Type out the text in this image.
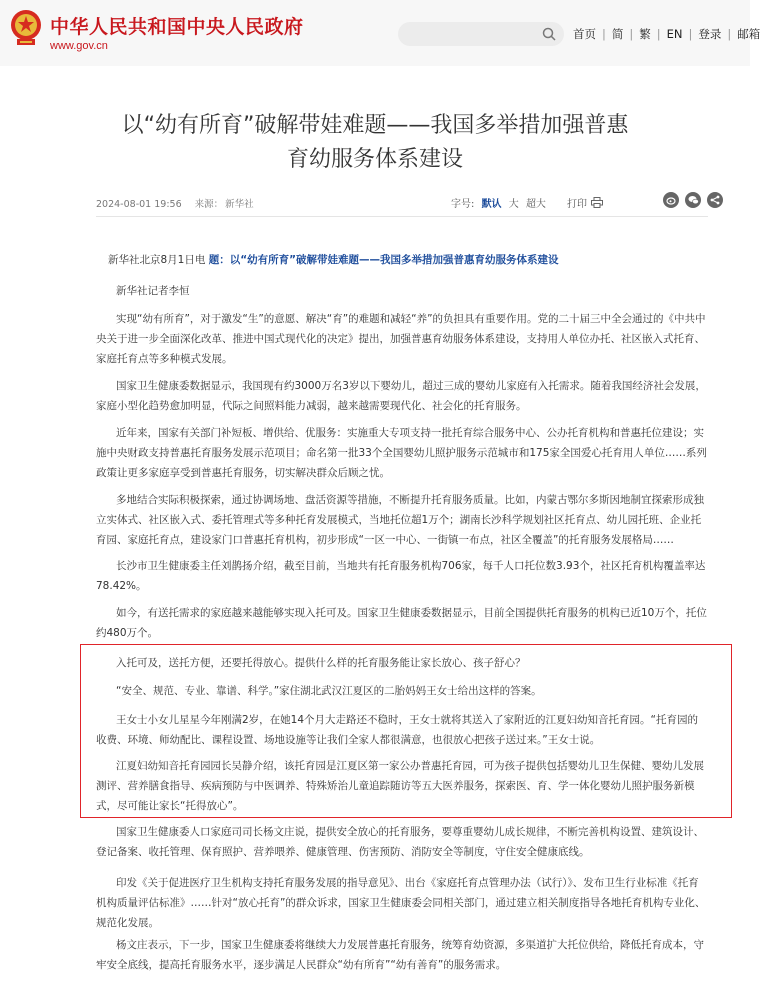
中华人民共和国中央人民政府
www.gov.cn
首页 | 简 | 繁 | EN | 登录 | 邮箱
以“幼有所育”破解带娃难题——我国多举措加强普惠
育幼服务体系建设
2024-08-01 19:56 来源： 新华社	字号: 默认 大 超大 打印

新华社北京8月1日电 题：以“幼有所育”破解带娃难题——我国多举措加强普惠育幼服务体系建设

新华社记者李恒

实现“幼有所育”，对于激发“生”的意愿、解决“育”的难题和减轻“养”的负担具有重要作用。党的二十届三中全会通过的《中共中央关于进一步全面深化改革、推进中国式现代化的决定》提出，加强普惠育幼服务体系建设，支持用人单位办托、社区嵌入式托育、家庭托育点等多种模式发展。

国家卫生健康委数据显示，我国现有约3000万名3岁以下婴幼儿，超过三成的婴幼儿家庭有入托需求。随着我国经济社会发展，家庭小型化趋势愈加明显，代际之间照料能力减弱，越来越需要现代化、社会化的托育服务。

近年来，国家有关部门补短板、增供给、优服务：实施重大专项支持一批托育综合服务中心、公办托育机构和普惠托位建设；实施中央财政支持普惠托育服务发展示范项目；命名第一批33个全国婴幼儿照护服务示范城市和175家全国爱心托育用人单位……系列政策让更多家庭享受到普惠托育服务，切实解决群众后顾之忧。

多地结合实际积极探索，通过协调场地、盘活资源等措施，不断提升托育服务质量。比如，内蒙古鄂尔多斯因地制宜探索形成独立实体式、社区嵌入式、委托管理式等多种托育发展模式，当地托位超1万个；湖南长沙科学规划社区托育点、幼儿园托班、企业托育园、家庭托育点，建设家门口普惠托育机构，初步形成“一区一中心、一街镇一布点，社区全覆盖”的托育服务发展格局……

长沙市卫生健康委主任刘鹊扬介绍，截至目前，当地共有托育服务机构706家，每千人口托位数3.93个，社区托育机构覆盖率达78.42%。

如今，有送托需求的家庭越来越能够实现入托可及。国家卫生健康委数据显示，目前全国提供托育服务的机构已近10万个，托位约480万个。

入托可及，送托方便，还要托得放心。提供什么样的托育服务能让家长放心、孩子舒心？

“安全、规范、专业、靠谱、科学。”家住湖北武汉江夏区的二胎妈妈王女士给出这样的答案。

王女士小女儿星星今年刚满2岁，在她14个月大走路还不稳时，王女士就将其送入了家附近的江夏妇幼知音托育园。“托育园的收费、环境、师幼配比、课程设置、场地设施等让我们全家人都很满意，也很放心把孩子送过来。”王女士说。

江夏妇幼知音托育园园长吴静介绍，该托育园是江夏区第一家公办普惠托育园，可为孩子提供包括婴幼儿卫生保健、婴幼儿发展测评、营养膳食指导、疾病预防与中医调养、特殊矫治儿童追踪随访等五大医养服务，探索医、育、学一体化婴幼儿照护服务新模式，尽可能让家长“托得放心”。

国家卫生健康委人口家庭司司长杨文庄说，提供安全放心的托育服务，要尊重婴幼儿成长规律，不断完善机构设置、建筑设计、登记备案、收托管理、保育照护、营养喂养、健康管理、伤害预防、消防安全等制度，守住安全健康底线。

印发《关于促进医疗卫生机构支持托育服务发展的指导意见》、出台《家庭托育点管理办法（试行）》、发布卫生行业标准《托育机构质量评估标准》……针对“放心托育”的群众诉求，国家卫生健康委会同相关部门，通过建立相关制度指导各地托育机构专业化、规范化发展。

杨文庄表示，下一步，国家卫生健康委将继续大力发展普惠托育服务，统筹育幼资源，多渠道扩大托位供给，降低托育成本，守牢安全底线，提高托育服务水平，逐步满足人民群众“幼有所育”“幼有善育”的服务需求。
